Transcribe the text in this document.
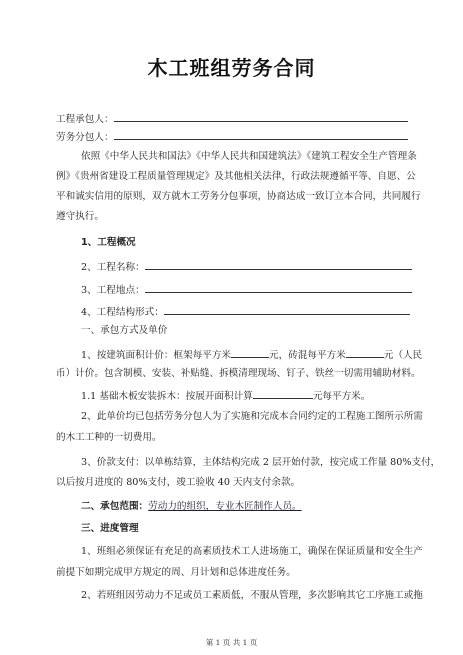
木工班组劳务合同
工程承包人：
劳务分包人：
依照《中华人民共和国法》《中华人民共和国建筑法》《建筑工程安全生产管理条
例》《贵州省建设工程质量管理规定》及其他相关法律，行政法规遵循平等、自愿、公
平和诚实信用的原则，双方就木工劳务分包事项，协商达成一致订立本合同，共同履行
遵守执行。
1、工程概况
2、工程名称：
3、工程地点：
4、工程结构形式：
一、承包方式及单价
1、按建筑面积计价：框架每平方米	元，砖混每平方米	元（人民
币）计价。包含制模、安装、补贴缝、拆模清理现场、钉子、铁丝一切需用辅助材料。
1.1 基础木板安装拆木：按展开面积计算	元每平方米。
2、此单价均已包括劳务分包人为了实施和完成本合同约定的工程施工图所示所需
的木工工种的一切费用。
3、价款支付：以单栋结算，主体结构完成 2 层开始付款，按完成工作量 80%支付，
以后按月进度的 80%支付，竣工验收 40 天内支付余款。
二、承包范围：劳动力的组织，专业木匠制作人员。
三、进度管理
1、班组必须保证有充足的高素质技术工人进场施工，确保在保证质量和安全生产
前提下如期完成甲方规定的周、月计划和总体进度任务。
2、若班组因劳动力不足或员工素质低，不服从管理，多次影响其它工序施工或拖
第 1 页 共 1 页
